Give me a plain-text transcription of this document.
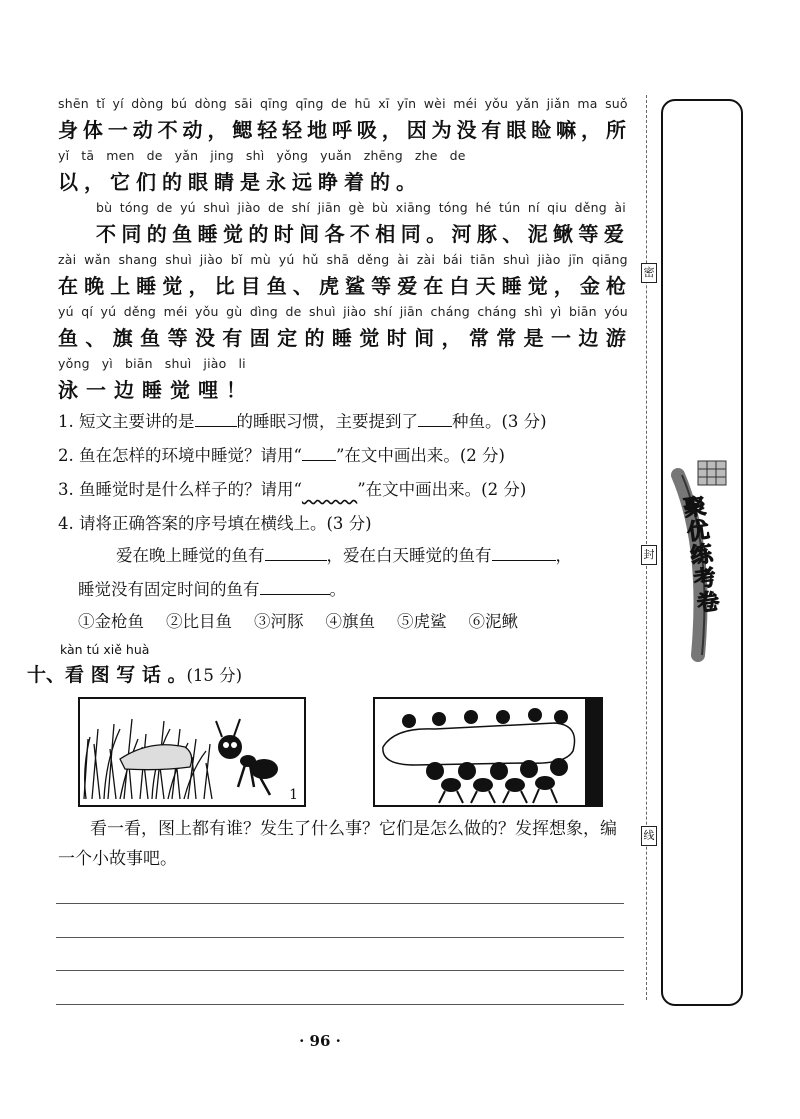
shēn tǐ yí dòng bú dòng sāi qīng qīng de hū xī yīn wèi méi yǒu yǎn jiǎn ma suǒ
身 体 一 动 不 动 ， 鳃 轻 轻 地 呼 吸 ， 因 为 没 有 眼 睑 嘛 ， 所
yǐ tā men de yǎn jing shì yǒng yuǎn zhēng zhe de
以 ， 它 们 的 眼 睛 是 永 远 睁 着 的 。
bù tóng de yú shuì jiào de shí jiān gè bù xiāng tóng hé tún ní qiu děng ài
不 同 的 鱼 睡 觉 的 时 间 各 不 相 同 。 河 豚 、 泥 鳅 等 爱
zài wǎn shang shuì jiào bǐ mù yú hǔ shā děng ài zài bái tiān shuì jiào jīn qiāng
在 晚 上 睡 觉 ， 比 目 鱼 、 虎 鲨 等 爱 在 白 天 睡 觉 ， 金 枪
yú qí yú děng méi yǒu gù dìng de shuì jiào shí jiān cháng cháng shì yì biān yóu
鱼 、 旗 鱼 等 没 有 固 定 的 睡 觉 时 间 ， 常 常 是 一 边 游
yǒng yì biān shuì jiào li
泳 一 边 睡 觉 哩 ！
1. 短文主要讲的是	的睡眠习惯，主要提到了 种鱼。(3 分)
2. 鱼在怎样的环境中睡觉？请用“ ”在文中画出来。(2 分)
3. 鱼睡觉时是什么样子的？请用“	”在文中画出来。(2 分)
4. 请将正确答案的序号填在横线上。(3 分)
爱在晚上睡觉的鱼有	，爱在白天睡觉的鱼有	，
睡觉没有固定时间的鱼有	。
①金枪鱼 ②比目鱼 ③河豚 ④旗鱼 ⑤虎鲨 ⑥泥鳅
kàn tú xiě huà
十、看 图 写 话 。(15 分)
1	2
看一看，图上都有谁？发生了什么事？它们是怎么做的？发挥想象，编一个小故事吧。
· 96 ·
密
封
线
聚优练考卷
